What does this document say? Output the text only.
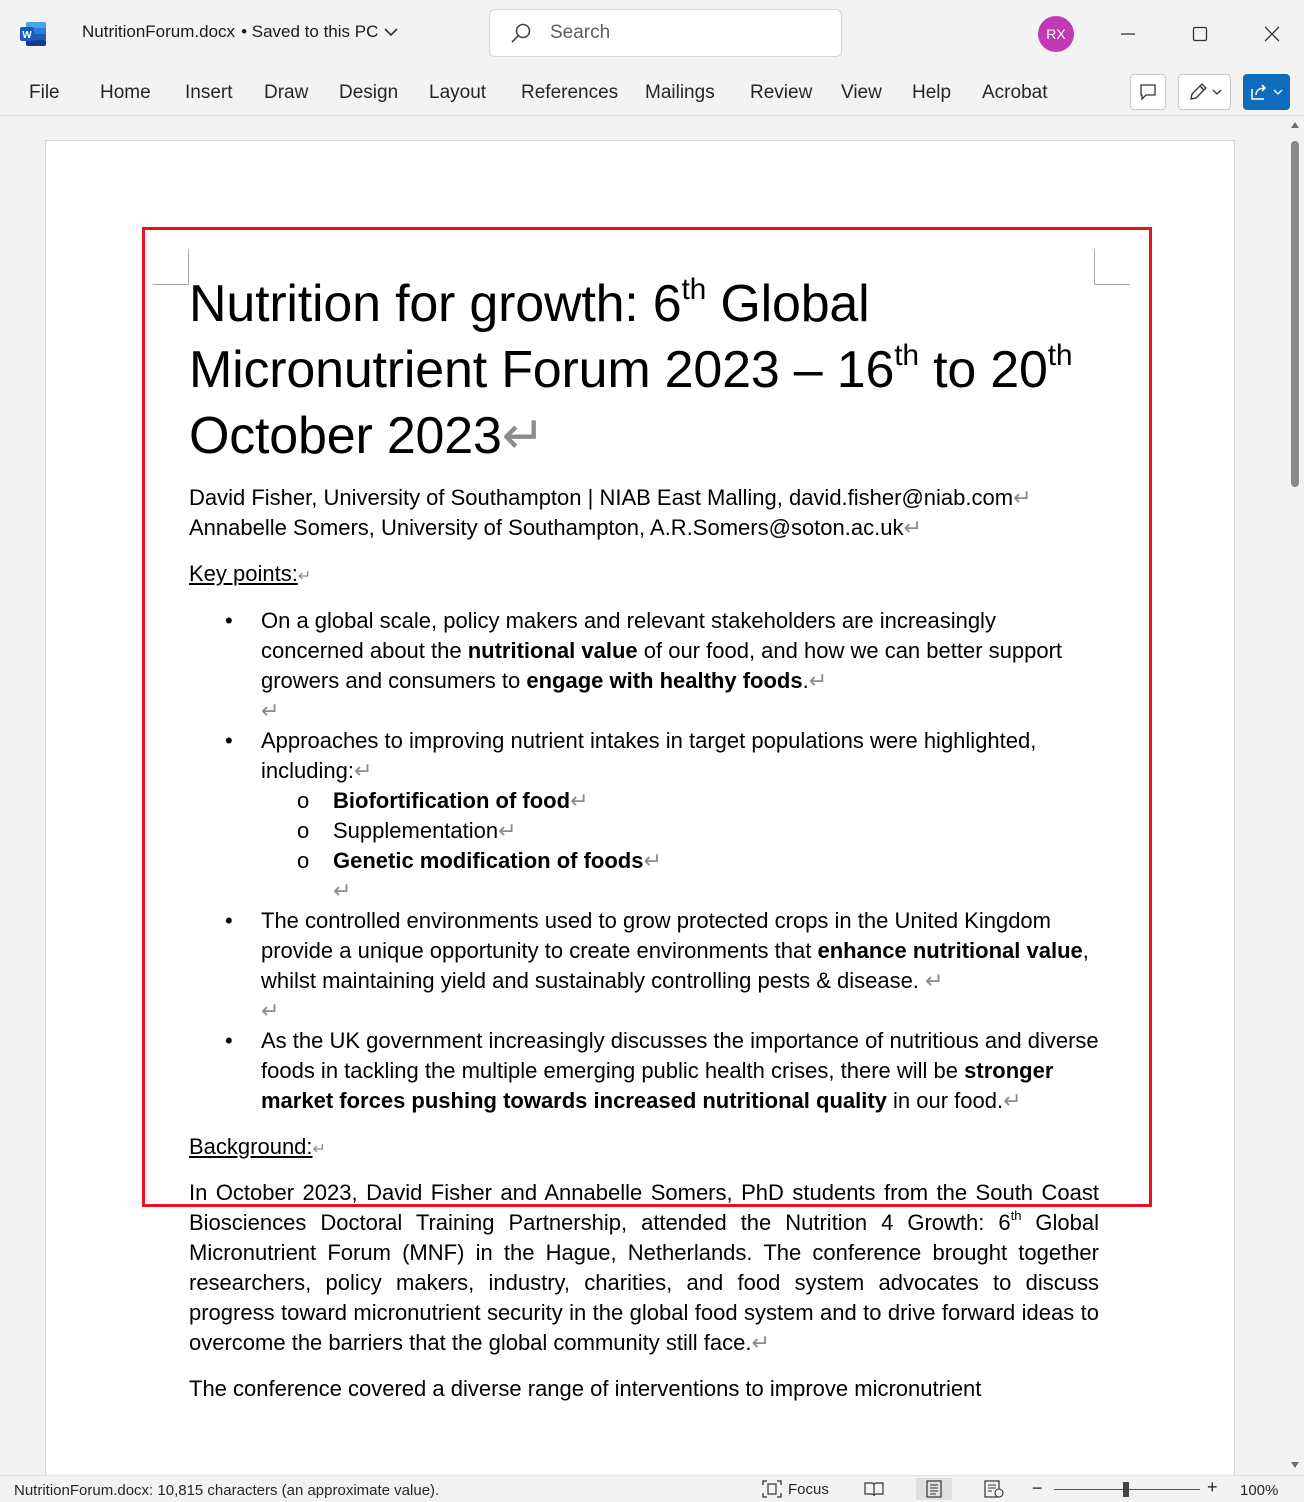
W	NutritionForum.docx • Saved to this PC
Search	RX
File Home Insert Draw Design Layout References Mailings Review View Help Acrobat
Nutrition for growth: 6th Global Micronutrient Forum 2023 – 16th to 20th October 2023↵
David Fisher, University of Southampton | NIAB East Malling, david.fisher@niab.com↵
Annabelle Somers, University of Southampton, A.R.Somers@soton.ac.uk↵
Key points:↵
• On a global scale, policy makers and relevant stakeholders are increasingly concerned about the nutritional value of our food, and how we can better support growers and consumers to engage with healthy foods.↵
↵
• Approaches to improving nutrient intakes in target populations were highlighted, including:↵
o Biofortification of food↵
o Supplementation↵
o Genetic modification of foods↵
↵
• The controlled environments used to grow protected crops in the United Kingdom provide a unique opportunity to create environments that enhance nutritional value, whilst maintaining yield and sustainably controlling pests & disease. ↵
↵
• As the UK government increasingly discusses the importance of nutritious and diverse foods in tackling the multiple emerging public health crises, there will be stronger market forces pushing towards increased nutritional quality in our food.↵
Background:↵
In October 2023, David Fisher and Annabelle Somers, PhD students from the South Coast Biosciences Doctoral Training Partnership, attended the Nutrition 4 Growth: 6th Global Micronutrient Forum (MNF) in the Hague, Netherlands. The conference brought together researchers, policy makers, industry, charities, and food system advocates to discuss progress toward micronutrient security in the global food system and to drive forward ideas to overcome the barriers that the global community still face.↵
The conference covered a diverse range of interventions to improve micronutrient
NutritionForum.docx: 10,815 characters (an approximate value).	Focus	−	+ 100%
